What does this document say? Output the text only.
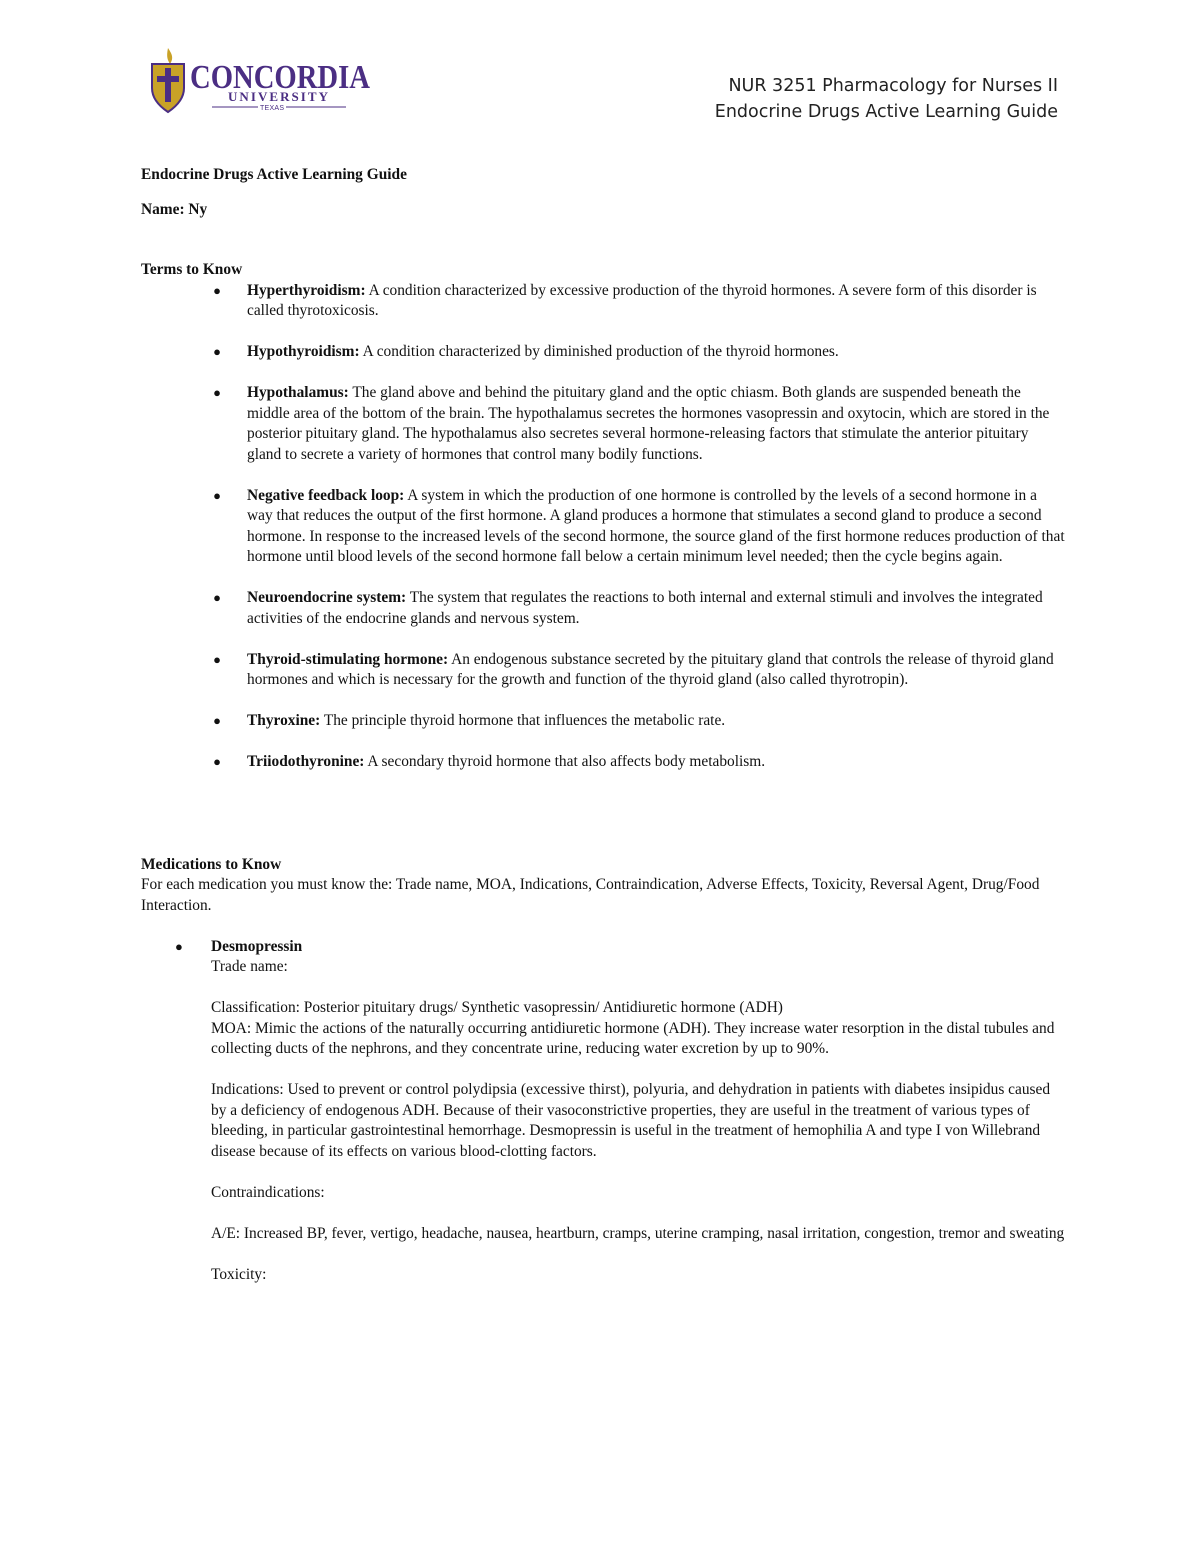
CONCORDIA
UNIVERSITY
TEXAS
NUR 3251 Pharmacology for Nurses II
Endocrine Drugs Active Learning Guide
Endocrine Drugs Active Learning Guide
Name: Ny
Terms to Know
● Hyperthyroidism: A condition characterized by excessive production of the thyroid hormones. A severe form of this disorder is called thyrotoxicosis.
● Hypothyroidism: A condition characterized by diminished production of the thyroid hormones.
● Hypothalamus: The gland above and behind the pituitary gland and the optic chiasm. Both glands are suspended beneath the middle area of the bottom of the brain. The hypothalamus secretes the hormones vasopressin and oxytocin, which are stored in the posterior pituitary gland. The hypothalamus also secretes several hormone-releasing factors that stimulate the anterior pituitary gland to secrete a variety of hormones that control many bodily functions.
● Negative feedback loop: A system in which the production of one hormone is controlled by the levels of a second hormone in a way that reduces the output of the first hormone. A gland produces a hormone that stimulates a second gland to produce a second hormone. In response to the increased levels of the second hormone, the source gland of the first hormone reduces production of that hormone until blood levels of the second hormone fall below a certain minimum level needed; then the cycle begins again.
● Neuroendocrine system: The system that regulates the reactions to both internal and external stimuli and involves the integrated activities of the endocrine glands and nervous system.
● Thyroid-stimulating hormone: An endogenous substance secreted by the pituitary gland that controls the release of thyroid gland hormones and which is necessary for the growth and function of the thyroid gland (also called thyrotropin).
● Thyroxine: The principle thyroid hormone that influences the metabolic rate.
● Triiodothyronine: A secondary thyroid hormone that also affects body metabolism.
Medications to Know

For each medication you must know the: Trade name, MOA, Indications, Contraindication, Adverse Effects, Toxicity, Reversal Agent, Drug/Food Interaction.

● Desmopressin

Trade name:

Classification: Posterior pituitary drugs/ Synthetic vasopressin/ Antidiuretic hormone (ADH)

MOA: Mimic the actions of the naturally occurring antidiuretic hormone (ADH). They increase water resorption in the distal tubules and collecting ducts of the nephrons, and they concentrate urine, reducing water excretion by up to 90%.

Indications: Used to prevent or control polydipsia (excessive thirst), polyuria, and dehydration in patients with diabetes insipidus caused by a deficiency of endogenous ADH. Because of their vasoconstrictive properties, they are useful in the treatment of various types of bleeding, in particular gastrointestinal hemorrhage. Desmopressin is useful in the treatment of hemophilia A and type I von Willebrand disease because of its effects on various blood-clotting factors.

Contraindications:

A/E: Increased BP, fever, vertigo, headache, nausea, heartburn, cramps, uterine cramping, nasal irritation, congestion, tremor and sweating

Toxicity:
